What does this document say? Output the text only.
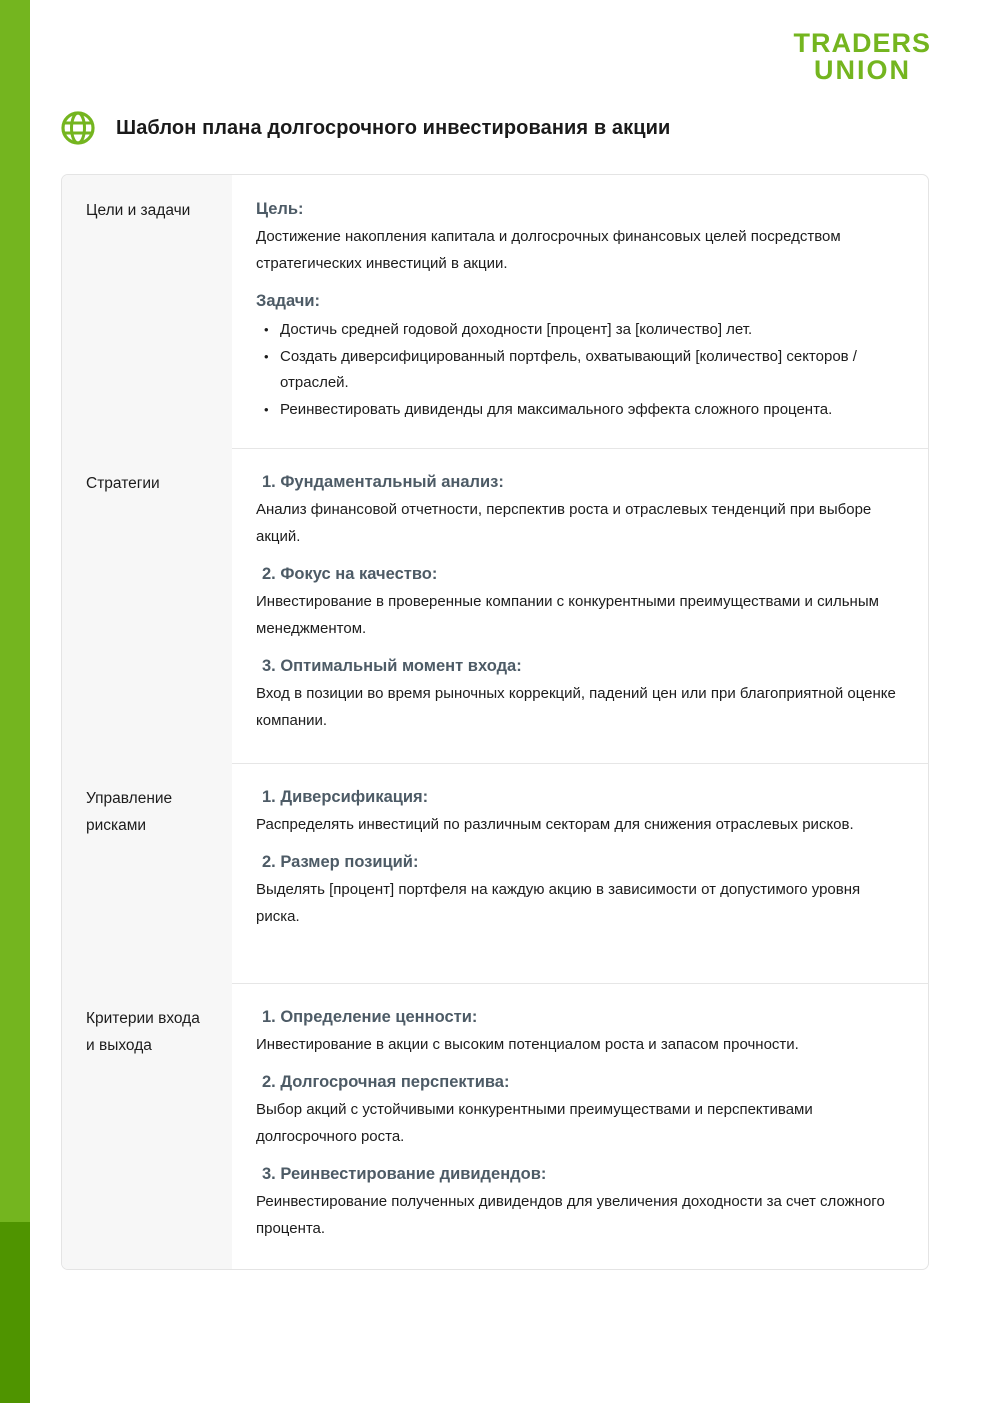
TRADERS
UNION
Шаблон плана долгосрочного инвестирования в акции
Цели и задачи	Цель:
Достижение накопления капитала и долгосрочных финансовых целей посредством стратегических инвестиций в акции.
Задачи:
• Достичь средней годовой доходности [процент] за [количество] лет.
• Создать диверсифицированный портфель, охватывающий [количество] секторов / отраслей.
• Реинвестировать дивиденды для максимального эффекта сложного процента.
Стратегии	1. Фундаментальный анализ:
Анализ финансовой отчетности, перспектив роста и отраслевых тенденций при выборе акций.
2. Фокус на качество:
Инвестирование в проверенные компании с конкурентными преимуществами и сильным менеджментом.
3. Оптимальный момент входа:
Вход в позиции во время рыночных коррекций, падений цен или при благоприятной оценке компании.
Управление рисками
1. Диверсификация:
Распределять инвестиций по различным секторам для снижения отраслевых рисков.
2. Размер позиций:
Выделять [процент] портфеля на каждую акцию в зависимости от допустимого уровня риска.
Критерии входа и выхода
1. Определение ценности:
Инвестирование в акции с высоким потенциалом роста и запасом прочности.
2. Долгосрочная перспектива:
Выбор акций с устойчивыми конкурентными преимуществами и перспективами долгосрочного роста.
3. Реинвестирование дивидендов:
Реинвестирование полученных дивидендов для увеличения доходности за счет сложного процента.
